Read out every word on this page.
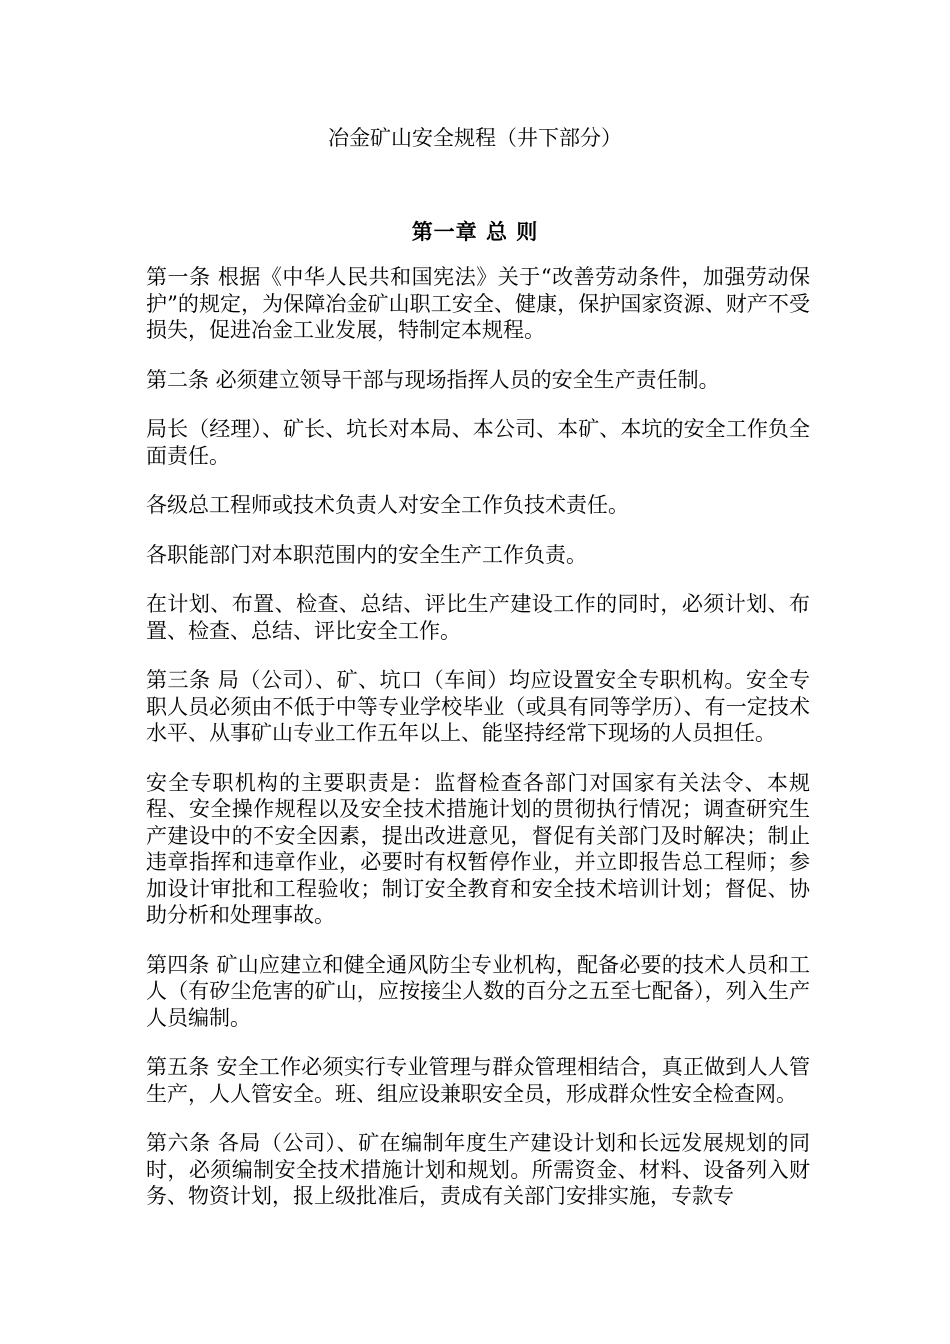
冶金矿山安全规程（井下部分）
第一章 总 则

第一条 根据《中华人民共和国宪法》关于“改善劳动条件，加强劳动保护”的规定，为保障冶金矿山职工安全、健康，保护国家资源、财产不受损失，促进冶金工业发展，特制定本规程。

第二条 必须建立领导干部与现场指挥人员的安全生产责任制。

局长（经理）、矿长、坑长对本局、本公司、本矿、本坑的安全工作负全面责任。

各级总工程师或技术负责人对安全工作负技术责任。

各职能部门对本职范围内的安全生产工作负责。

在计划、布置、检查、总结、评比生产建设工作的同时，必须计划、布置、检查、总结、评比安全工作。

第三条 局（公司）、矿、坑口（车间）均应设置安全专职机构。安全专职人员必须由不低于中等专业学校毕业（或具有同等学历）、有一定技术水平、从事矿山专业工作五年以上、能坚持经常下现场的人员担任。

安全专职机构的主要职责是：监督检查各部门对国家有关法令、本规程、安全操作规程以及安全技术措施计划的贯彻执行情况；调查研究生产建设中的不安全因素，提出改进意见，督促有关部门及时解决；制止违章指挥和违章作业，必要时有权暂停作业，并立即报告总工程师；参加设计审批和工程验收；制订安全教育和安全技术培训计划；督促、协助分析和处理事故。

第四条 矿山应建立和健全通风防尘专业机构，配备必要的技术人员和工人（有矽尘危害的矿山，应按接尘人数的百分之五至七配备），列入生产人员编制。

第五条 安全工作必须实行专业管理与群众管理相结合，真正做到人人管生产，人人管安全。班、组应设兼职安全员，形成群众性安全检查网。

第六条 各局（公司）、矿在编制年度生产建设计划和长远发展规划的同时，必须编制安全技术措施计划和规划。所需资金、材料、设备列入财务、物资计划，报上级批准后，责成有关部门安排实施，专款专
